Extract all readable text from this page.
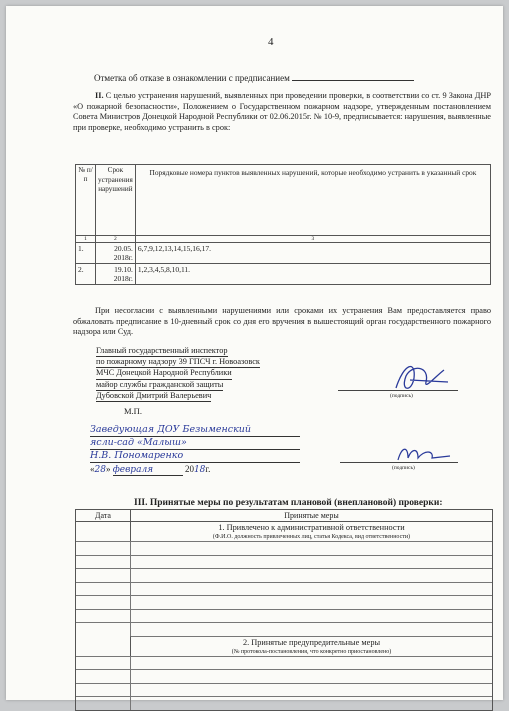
4
Отметка об отказе в ознакомлении с предписанием
II. С целью устранения нарушений, выявленных при проведении проверки, в соответствии со ст. 9 Закона ДНР «О пожарной безопасности», Положением о Государственном пожарном надзоре, утвержденным постановлением Совета Министров Донецкой Народной Республики от 02.06.2015г. № 10-9, предписывается: нарушения, выявленные при проверке, необходимо устранить в срок:
№ п/п	Срок устранения нарушений	Порядковые номера пунктов выявленных нарушений, которые необходимо устранить в указанный срок
1	2	3
1.	20.05. 2018г.	6,7,9,12,13,14,15,16,17.
2.	19.10. 2018г.	1,2,3,4,5,8,10,11.
При несогласии с выявленными нарушениями или сроками их устранения Вам предоставляется право обжаловать предписание в 10-дневный срок со дня его вручения в вышестоящий орган государственного пожарного надзора или Суд.
Главный государственный инспектор
по пожарному надзору 39 ГПСЧ г. Новоазовск
МЧС Донецкой Народной Республики
майор службы гражданской защиты
Дубовской Дмитрий Валерьевич	(подпись)
М.П.
Заведующая ДОУ Безыменский
ясли-сад «Малыш»
Н.В. Пономаренко
«28» февраля	2018г.	(подпись)
III. Принятые меры по результатам плановой (внеплановой) проверки:
Дата	Принятые меры
1. Привлечено к административной ответственности
(Ф.И.О. должность привлеченных лиц, статья Кодекса, вид ответственности)
2. Принятые предупредительные меры
(№ протокола-постановления, что конкретно приостановлено)
